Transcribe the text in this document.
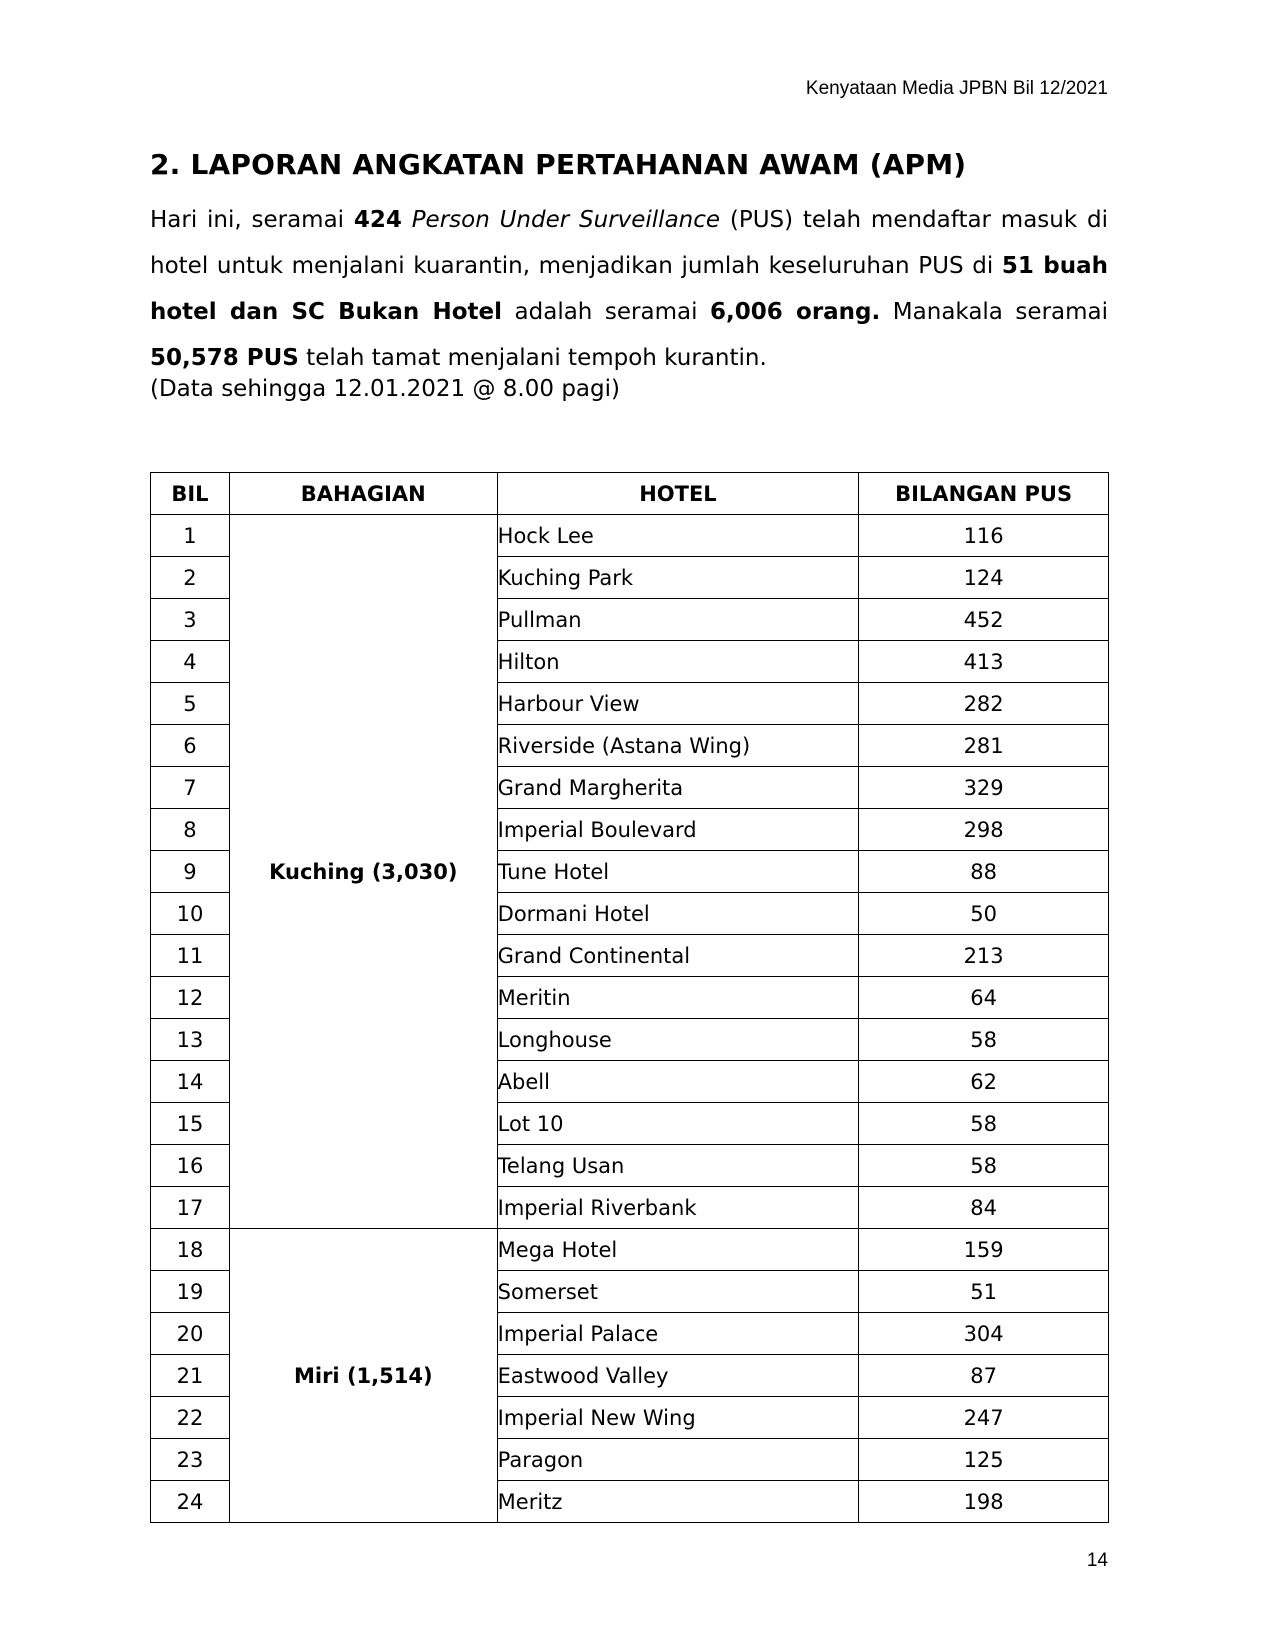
Kenyataan Media JPBN Bil 12/2021
2. LAPORAN ANGKATAN PERTAHANAN AWAM (APM)

Hari ini, seramai 424 Person Under Surveillance (PUS) telah mendaftar masuk di hotel untuk menjalani kuarantin, menjadikan jumlah keseluruhan PUS di 51 buah hotel dan SC Bukan Hotel adalah seramai 6,006 orang. Manakala seramai 50,578 PUS telah tamat menjalani tempoh kurantin.

(Data sehingga 12.01.2021 @ 8.00 pagi)

BIL	BAHAGIAN	HOTEL	BILANGAN PUS
1	Kuching (3,030)	Hock Lee	116
2		Kuching Park	124
3		Pullman	452
4		Hilton	413
5		Harbour View	282
6		Riverside (Astana Wing)	281
7		Grand Margherita	329
8		Imperial Boulevard	298
9		Tune Hotel	88
10		Dormani Hotel	50
11		Grand Continental	213
12		Meritin	64
13		Longhouse	58
14		Abell	62
15		Lot 10	58
16		Telang Usan	58
17		Imperial Riverbank	84
18	Miri (1,514)	Mega Hotel	159
19		Somerset	51
20		Imperial Palace	304
21		Eastwood Valley	87
22		Imperial New Wing	247
23		Paragon	125
24		Meritz	198
14
